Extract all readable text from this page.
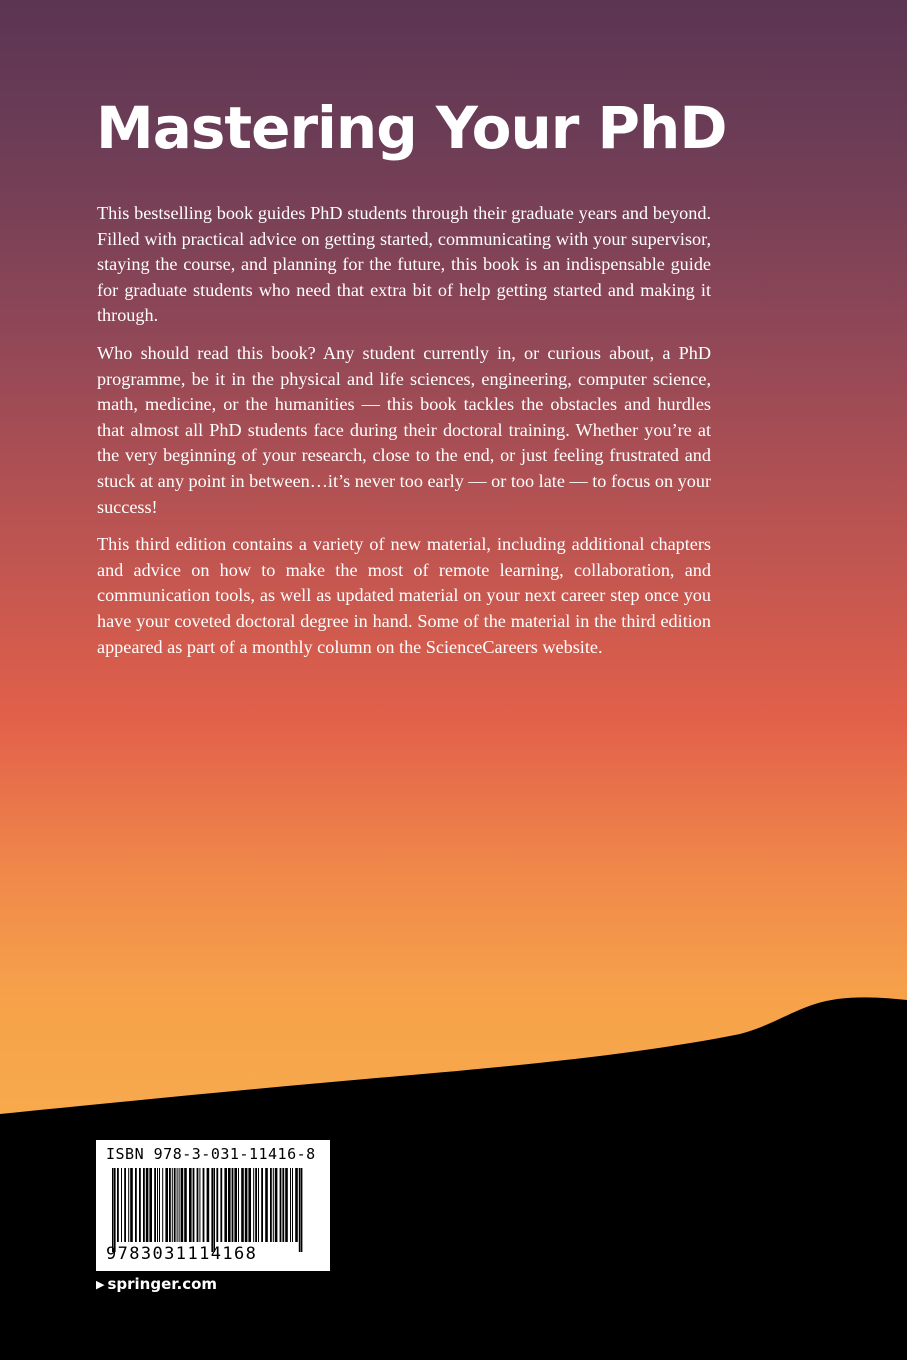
Mastering Your PhD

This bestselling book guides PhD students through their graduate years and beyond. Filled with practical advice on getting started, communicating with your supervisor, staying the course, and planning for the future, this book is an indispensable guide for graduate students who need that extra bit of help getting started and making it through.

Who should read this book? Any student currently in, or curious about, a PhD programme, be it in the physical and life sciences, engineering, computer science, math, medicine, or the humanities — this book tackles the obstacles and hurdles that almost all PhD students face during their doctoral training. Whether you’re at the very beginning of your research, close to the end, or just feeling frustrated and stuck at any point in between…it’s never too early — or too late — to focus on your success!

This third edition contains a variety of new material, including additional chapters and advice on how to make the most of remote learning, collaboration, and communication tools, as well as updated material on your next career step once you have your coveted doctoral degree in hand. Some of the material in the third edition appeared as part of a monthly column on the ScienceCareers website.

ISBN 978-3-031-11416-8
9783031114168
▶ springer.com
